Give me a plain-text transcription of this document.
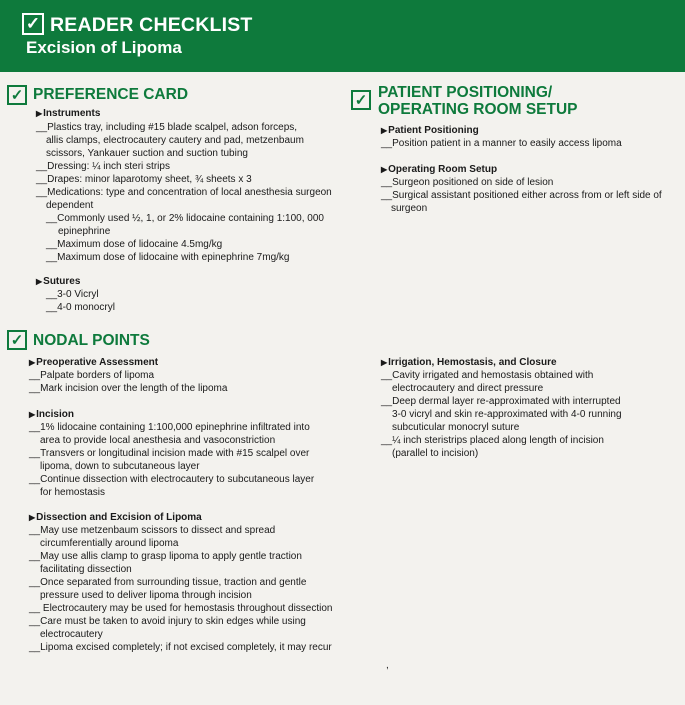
✓ READER CHECKLIST
Excision of Lipoma
✓ PREFERENCE CARD
▶Instruments
__Plastics tray, including #15 blade scalpel, adson forceps,
allis clamps, electrocautery cautery and pad, metzenbaum
scissors, Yankauer suction and suction tubing
__Dressing: ¼ inch steri strips
__Drapes: minor laparotomy sheet, ¾ sheets x 3
__Medications: type and concentration of local anesthesia surgeon
dependent
__Commonly used ½, 1, or 2% lidocaine containing 1:100, 000
epinephrine
__Maximum dose of lidocaine 4.5mg/kg
__Maximum dose of lidocaine with epinephrine 7mg/kg
▶Sutures
__3-0 Vicryl
__4-0 monocryl
✓ PATIENT POSITIONING/
OPERATING ROOM SETUP
▶Patient Positioning
__Position patient in a manner to easily access lipoma
▶Operating Room Setup
__Surgeon positioned on side of lesion
__Surgical assistant positioned either across from or left side of
surgeon
✓ NODAL POINTS
▶Preoperative Assessment
__Palpate borders of lipoma
__Mark incision over the length of the lipoma
▶Incision
__1% lidocaine containing 1:100,000 epinephrine infiltrated into
area to provide local anesthesia and vasoconstriction
__Transvers or longitudinal incision made with #15 scalpel over
lipoma, down to subcutaneous layer
__Continue dissection with electrocautery to subcutaneous layer
for hemostasis
▶Dissection and Excision of Lipoma
__May use metzenbaum scissors to dissect and spread
circumferentially around lipoma
__May use allis clamp to grasp lipoma to apply gentle traction
facilitating dissection
__Once separated from surrounding tissue, traction and gentle
pressure used to deliver lipoma through incision
__ Electrocautery may be used for hemostasis throughout dissection
__Care must be taken to avoid injury to skin edges while using
electrocautery
__Lipoma excised completely; if not excised completely, it may recur
▶Irrigation, Hemostasis, and Closure
__Cavity irrigated and hemostasis obtained with
electrocautery and direct pressure
__Deep dermal layer re-approximated with interrupted
3-0 vicryl and skin re-approximated with 4-0 running
subcuticular monocryl suture
__¼ inch steristrips placed along length of incision
(parallel to incision)
,
